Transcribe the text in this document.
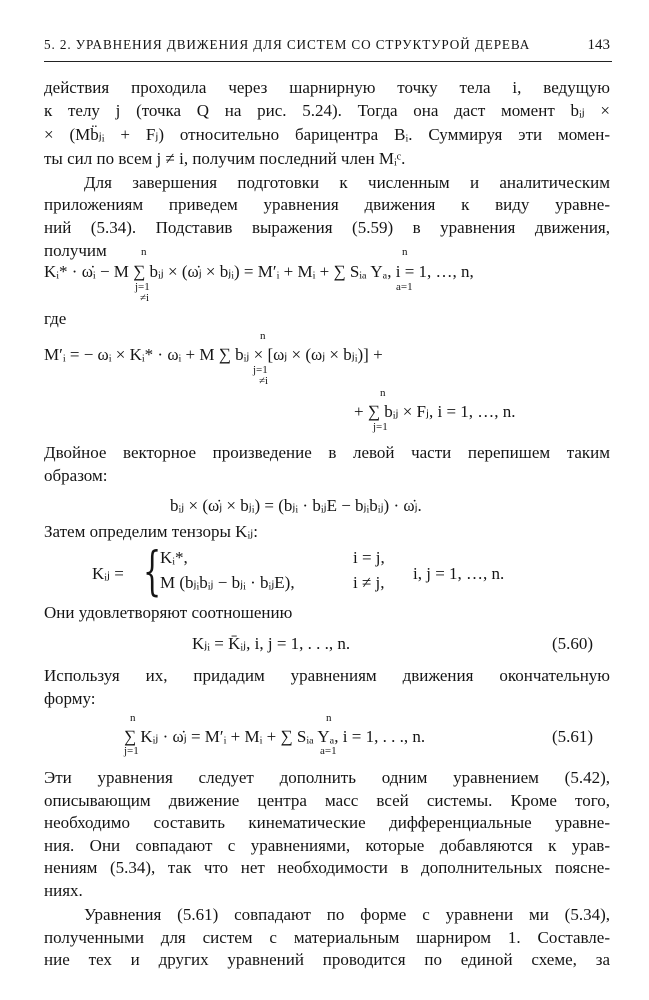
5. 2. УРАВНЕНИЯ ДВИЖЕНИЯ ДЛЯ СИСТЕМ СО СТРУКТУРОЙ ДЕРЕВА	143
действия проходила через шарнирную точку тела i, ведущую
к телу j (точка Q на рис. 5.24). Тогда она даст момент bᵢⱼ ×
× (Mb̈ⱼᵢ + Fⱼ) относительно барицентра Bᵢ. Суммируя эти момен-
ты сил по всем j ≠ i, получим последний член Mᵢᶜ.
Для завершения подготовки к численным и аналитическим
приложениям приведем уравнения движения к виду уравне-
ний (5.34). Подставив выражения (5.59) в уравнения движения,
получим	n	n
Kᵢ* · ω̇ᵢ − M ∑ bᵢⱼ × (ω̇ⱼ × bⱼᵢ) = M′ᵢ + Mᵢ + ∑ Sᵢₐ Yₐ, i = 1, …, n,
j=1
≠i
a=1
где
n
M′ᵢ = − ωᵢ × Kᵢ* · ωᵢ + M ∑ bᵢⱼ × [ωⱼ × (ωⱼ × bⱼᵢ)] +
j=1
≠i
n
+ ∑ bᵢⱼ × Fⱼ, i = 1, …, n.
j=1
Двойное векторное произведение в левой части перепишем таким
образом:
bᵢⱼ × (ω̇ⱼ × bⱼᵢ) = (bⱼᵢ · bᵢⱼE − bⱼᵢbᵢⱼ) · ω̇ⱼ.
Затем определим тензоры Kᵢⱼ:
Kᵢⱼ = {
Kᵢ*,	i = j,
M (bⱼᵢbᵢⱼ − bⱼᵢ · bᵢⱼE),	i ≠ j, i, j = 1, …, n.
Они удовлетворяют соотношению
Kⱼᵢ = K̄ᵢⱼ, i, j = 1, . . ., n.	(5.60)
Используя их, придадим уравнениям движения окончательную
форму:
n	n
∑ Kᵢⱼ · ω̇ⱼ = M′ᵢ + Mᵢ + ∑ Sᵢₐ Yₐ, i = 1, . . ., n.
j=1	a=1
(5.61)
Эти уравнения следует дополнить одним уравнением (5.42),
описывающим движение центра масс всей системы. Кроме того,
необходимо составить кинематические дифференциальные уравне-
ния. Они совпадают с уравнениями, которые добавляются к урав-
нениям (5.34), так что нет необходимости в дополнительных поясне-
ниях.
Уравнения (5.61) совпадают по форме с уравнени ми (5.34),
полученными для систем с материальным шарниром 1. Составле-
ние тех и других уравнений проводится по единой схеме, за
